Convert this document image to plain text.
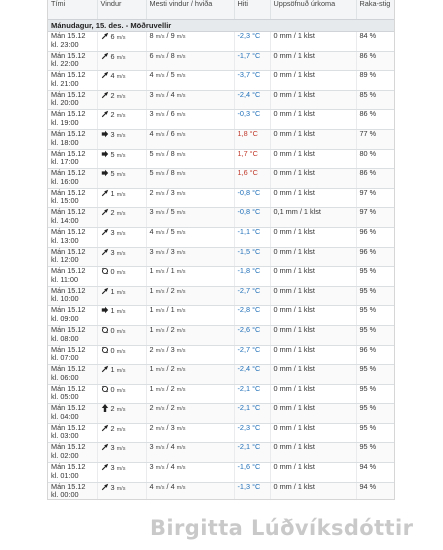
Mánudagur, 15. des. - Möðruvellir					
Tími	Vindur	Mesti vindur / hviða	Hiti	Uppsöfnuð úrkoma	Raka-stig

Mán 15.12
kl. 23:00	6 m/s	8 m/s / 9 m/s	-2,3 °C	0 mm / 1 klst	84 %

Mán 15.12
kl. 22:00	6 m/s	6 m/s / 8 m/s	-1,7 °C	0 mm / 1 klst	86 %

Mán 15.12
kl. 21:00	4 m/s	4 m/s / 5 m/s	-3,7 °C	0 mm / 1 klst	89 %

Mán 15.12
kl. 20:00	2 m/s	3 m/s / 4 m/s	-2,4 °C	0 mm / 1 klst	85 %

Mán 15.12
kl. 19:00	2 m/s	3 m/s / 6 m/s	-0,3 °C	0 mm / 1 klst	86 %

Mán 15.12
kl. 18:00	3 m/s	4 m/s / 6 m/s	1,8 °C	0 mm / 1 klst	77 %

Mán 15.12
kl. 17:00	5 m/s	5 m/s / 8 m/s	1,7 °C	0 mm / 1 klst	80 %

Mán 15.12
kl. 16:00	5 m/s	5 m/s / 8 m/s	1,6 °C	0 mm / 1 klst	86 %

Mán 15.12
kl. 15:00	1 m/s	2 m/s / 3 m/s	-0,8 °C	0 mm / 1 klst	97 %

Mán 15.12
kl. 14:00	2 m/s	3 m/s / 5 m/s	-0,8 °C	0,1 mm / 1 klst	97 %

Mán 15.12
kl. 13:00	3 m/s	4 m/s / 5 m/s	-1,1 °C	0 mm / 1 klst	96 %

Mán 15.12
kl. 12:00	3 m/s	3 m/s / 3 m/s	-1,5 °C	0 mm / 1 klst	96 %

Mán 15.12
kl. 11:00	0 m/s	1 m/s / 1 m/s	-1,8 °C	0 mm / 1 klst	95 %

Mán 15.12
kl. 10:00	1 m/s	1 m/s / 2 m/s	-2,7 °C	0 mm / 1 klst	95 %

Mán 15.12
kl. 09:00	1 m/s	1 m/s / 1 m/s	-2,8 °C	0 mm / 1 klst	95 %

Mán 15.12
kl. 08:00	0 m/s	1 m/s / 2 m/s	-2,6 °C	0 mm / 1 klst	95 %

Mán 15.12
kl. 07:00	0 m/s	2 m/s / 3 m/s	-2,7 °C	0 mm / 1 klst	96 %

Mán 15.12
kl. 06:00	1 m/s	1 m/s / 2 m/s	-2,4 °C	0 mm / 1 klst	95 %

Mán 15.12
kl. 05:00	0 m/s	1 m/s / 2 m/s	-2,1 °C	0 mm / 1 klst	95 %

Mán 15.12
kl. 04:00	2 m/s	2 m/s / 2 m/s	-2,1 °C	0 mm / 1 klst	95 %

Mán 15.12
kl. 03:00	2 m/s	2 m/s / 3 m/s	-2,3 °C	0 mm / 1 klst	95 %

Mán 15.12
kl. 02:00	3 m/s	3 m/s / 4 m/s	-2,1 °C	0 mm / 1 klst	95 %

Mán 15.12
kl. 01:00	3 m/s	3 m/s / 4 m/s	-1,6 °C	0 mm / 1 klst	94 %

Mán 15.12
kl. 00:00	3 m/s	4 m/s / 4 m/s	-1,3 °C	0 mm / 1 klst	94 %
Birgitta Lúðvíksdóttir
